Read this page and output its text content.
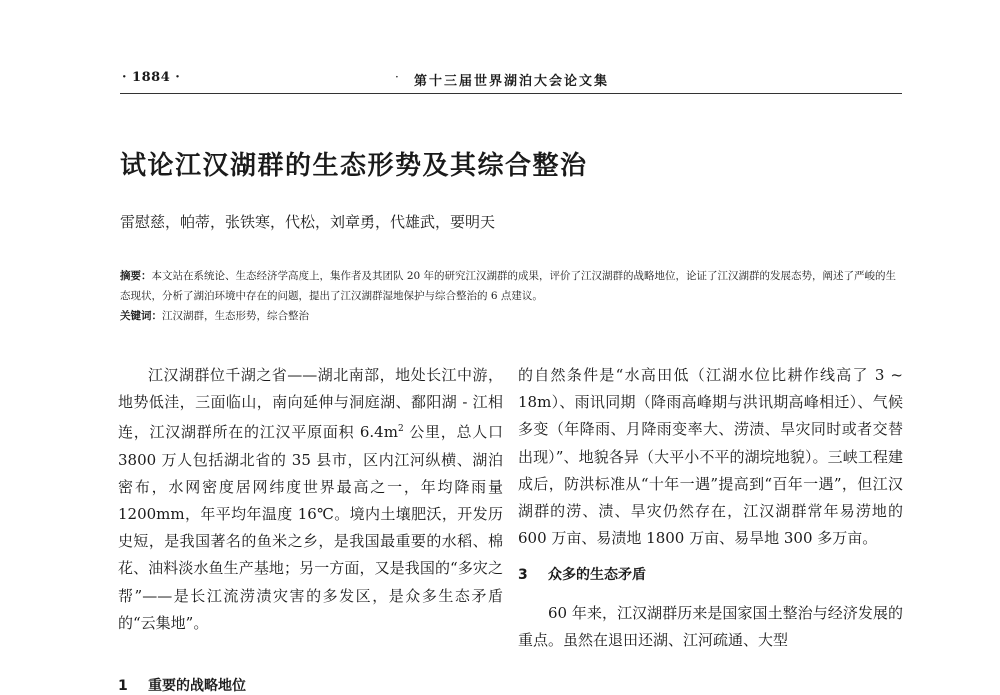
· 1884 ·	· 第十三届世界湖泊大会论文集
试论江汉湖群的生态形势及其综合整治
雷慰慈，帕蒂，张铁寒，代松，刘章勇，代雄武，要明天
摘要：本文站在系统论、生态经济学高度上，集作者及其团队 20 年的研究江汉湖群的成果，评价了江汉湖群的战略地位，论证了江汉湖群的发展态势，阐述了严峻的生态现状，分析了湖泊环境中存在的问题，提出了江汉湖群湿地保护与综合整治的 6 点建议。
关键词：江汉湖群，生态形势，综合整治

江汉湖群位千湖之省——湖北南部，地处长江中游，地势低洼，三面临山，南向延伸与洞庭湖、鄱阳湖 - 江相连，江汉湖群所在的江汉平原面积 $6.4m^2$ 公里，总人口 3800 万人包括湖北省的 35 县市，区内江河纵横、湖泊密布，水网密度居网纬度世界最高之一，年均降雨量 1200mm，年平均年温度 16℃。境内土壤肥沃，开发历史短，是我国著名的鱼米之乡，是我国最重要的水稻、棉花、油料淡水鱼生产基地；另一方面，又是我国的“多灾之帮”——是长江流涝渍灾害的多发区，是众多生态矛盾的“云集地”。

1 重要的战略地位

的自然条件是“水高田低（江湖水位比耕作线高了 3 ~ 18m）、雨讯同期（降雨高峰期与洪讯期高峰相迁）、气候多变（年降雨、月降雨变率大、涝渍、旱灾同时或者交替出现）”、地貌各异（大平小不平的湖垸地貌）。三峡工程建成后，防洪标准从“十年一遇”提高到“百年一遇”，但江汉湖群的涝、渍、旱灾仍然存在，江汉湖群常年易涝地的 600 万亩、易渍地 1800 万亩、易旱地 300 多万亩。

3 众多的生态矛盾

60 年来，江汉湖群历来是国家国土整治与经济发展的重点。虽然在退田还湖、江河疏通、大型
